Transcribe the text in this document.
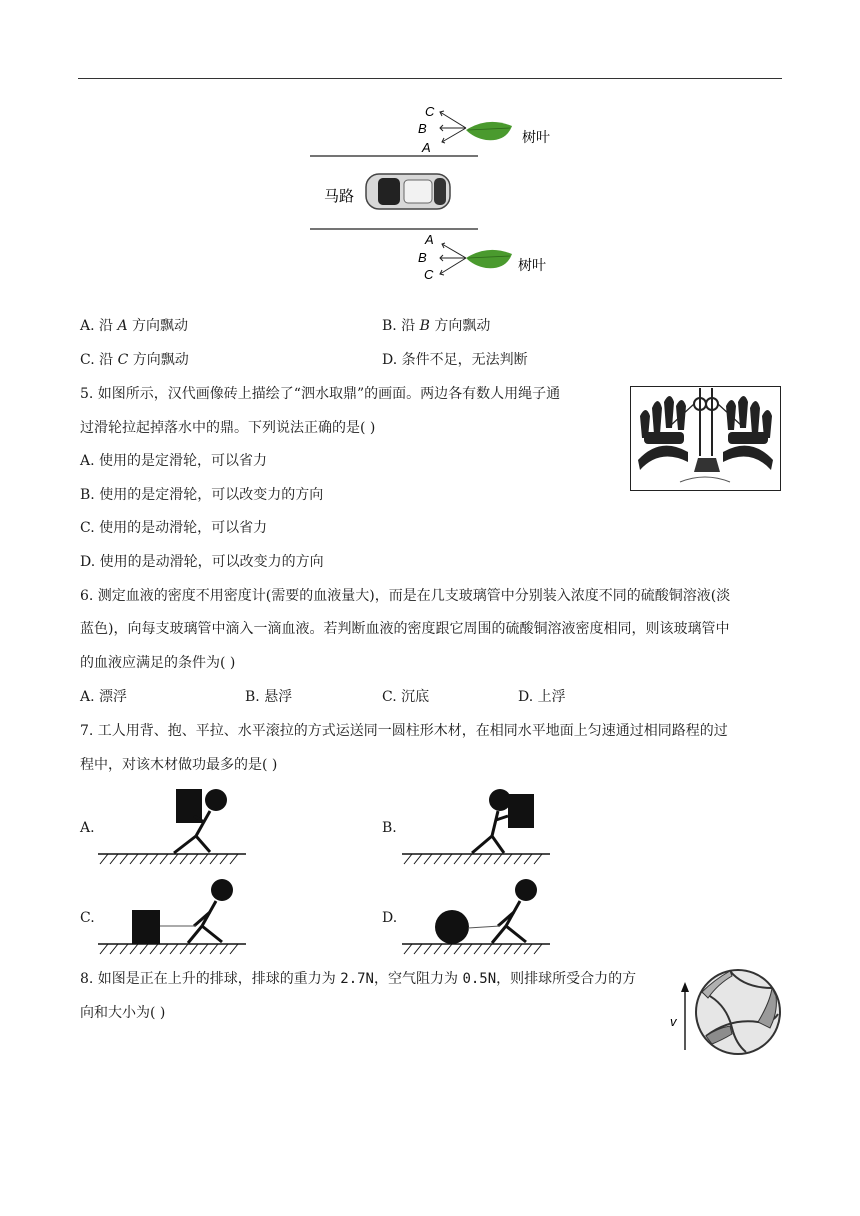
C
B
A
树叶
马路
A
B
C
树叶
A. 沿 A 方向飘动	B. 沿 B 方向飘动
C. 沿 C 方向飘动	D. 条件不足，无法判断
5. 如图所示，汉代画像砖上描绘了“泗水取鼎”的画面。两边各有数人用绳子通
过滑轮拉起掉落水中的鼎。下列说法正确的是( )
A. 使用的是定滑轮，可以省力
B. 使用的是定滑轮，可以改变力的方向
C. 使用的是动滑轮，可以省力
D. 使用的是动滑轮，可以改变力的方向
6. 测定血液的密度不用密度计(需要的血液量大)，而是在几支玻璃管中分别装入浓度不同的硫酸铜溶液(淡
蓝色)，向每支玻璃管中滴入一滴血液。若判断血液的密度跟它周围的硫酸铜溶液密度相同，则该玻璃管中
的血液应满足的条件为( )
A. 漂浮	B. 悬浮	C. 沉底	D. 上浮
7. 工人用背、抱、平拉、水平滚拉的方式运送同一圆柱形木材，在相同水平地面上匀速通过相同路程的过
程中，对该木材做功最多的是( )
A.	B.
C.	D.
8. 如图是正在上升的排球，排球的重力为 2.7N，空气阻力为 0.5N，则排球所受合力的方
向和大小为( )
v
